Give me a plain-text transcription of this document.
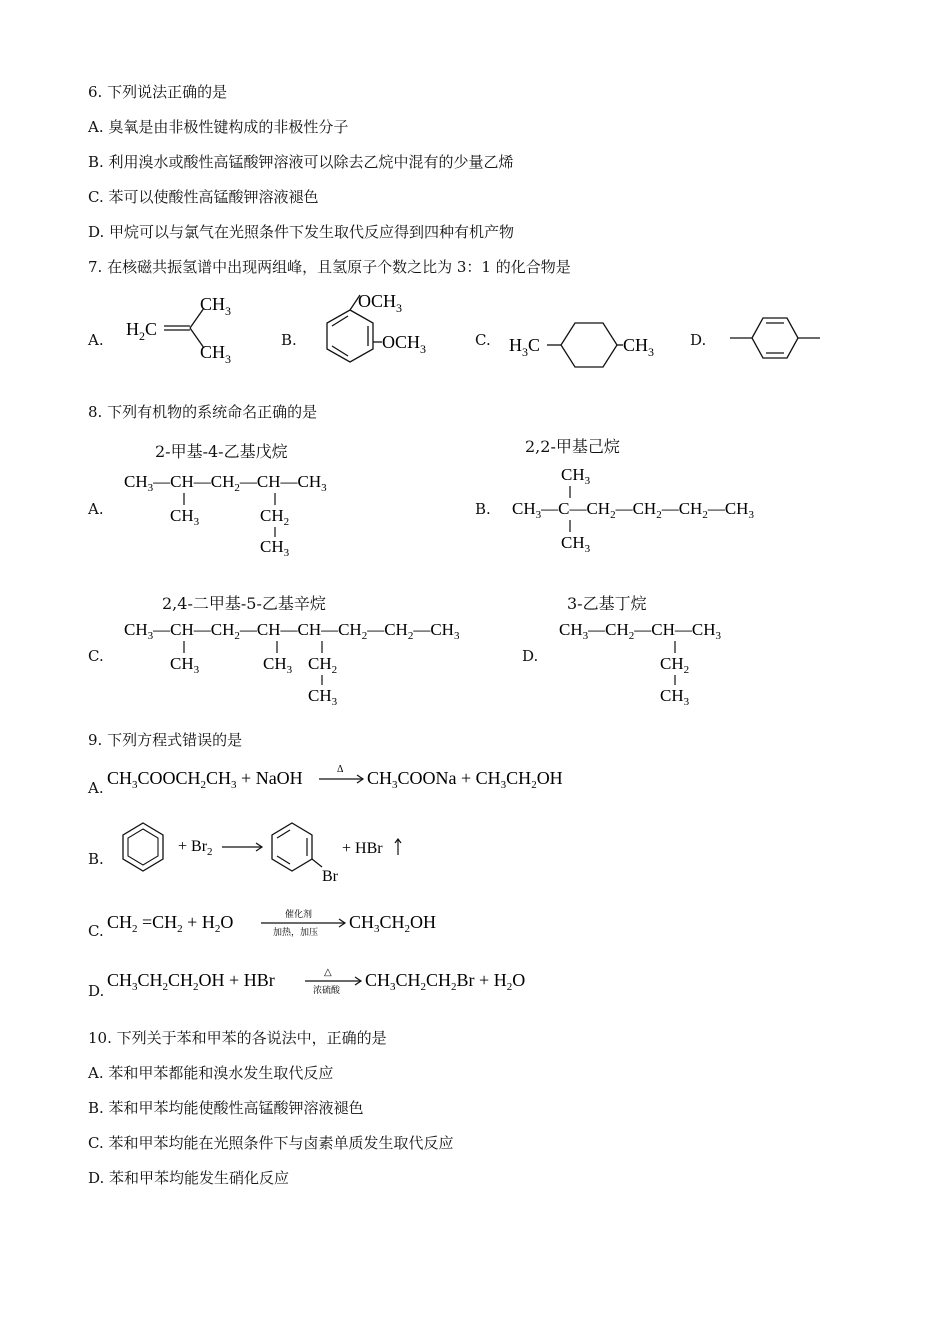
6. 下列说法正确的是
A. 臭氧是由非极性键构成的非极性分子
B. 利用溴水或酸性高锰酸钾溶液可以除去乙烷中混有的少量乙烯
C. 苯可以使酸性高锰酸钾溶液褪色
D. 甲烷可以与氯气在光照条件下发生取代反应得到四种有机产物
7. 在核磁共振氢谱中出现两组峰，且氢原子个数之比为 3：1 的化合物是
A.	B.	C.	D.
$H_2C$
$CH_3$
$CH_3$
$OCH_3$
$OCH_3$	$H_3C$	$CH_3$
8. 下列有机物的系统命名正确的是
A.	B.
C.	D.
2-甲基-4-乙基戊烷	2,2-甲基己烷
2,4-二甲基-5-乙基辛烷	3-乙基丁烷
$CH_3—CH—CH_2—CH—CH_3$
$CH_3$	$CH_2$
$CH_3$
$CH_3$
$CH_3—C—CH_2—CH_2—CH_2—CH_3$
$CH_3$
$CH_3—CH—CH_2—CH—CH—CH_2—CH_2—CH_3$
$CH_3$	$CH_3$ $CH_2$
$CH_3$
$CH_3—CH_2—CH—CH_3$
$CH_2$
$CH_3$
9. 下列方程式错误的是
A.
B.
C.
D.
$CH_3COOCH_2CH_3$ + NaOH	Δ $CH_3COONa + CH_3CH_2OH$
+ $Br_2$
Br
+ HBr
$CH_2 =CH_2 + H_2O$	催化剂
加热，加压 $CH_3CH_2OH$
$CH_3CH_2CH_2OH$ + HBr	△
浓硫酸 $CH_3CH_2CH_2Br + H_2O$
10. 下列关于苯和甲苯的各说法中，正确的是
A. 苯和甲苯都能和溴水发生取代反应
B. 苯和甲苯均能使酸性高锰酸钾溶液褪色
C. 苯和甲苯均能在光照条件下与卤素单质发生取代反应
D. 苯和甲苯均能发生硝化反应
